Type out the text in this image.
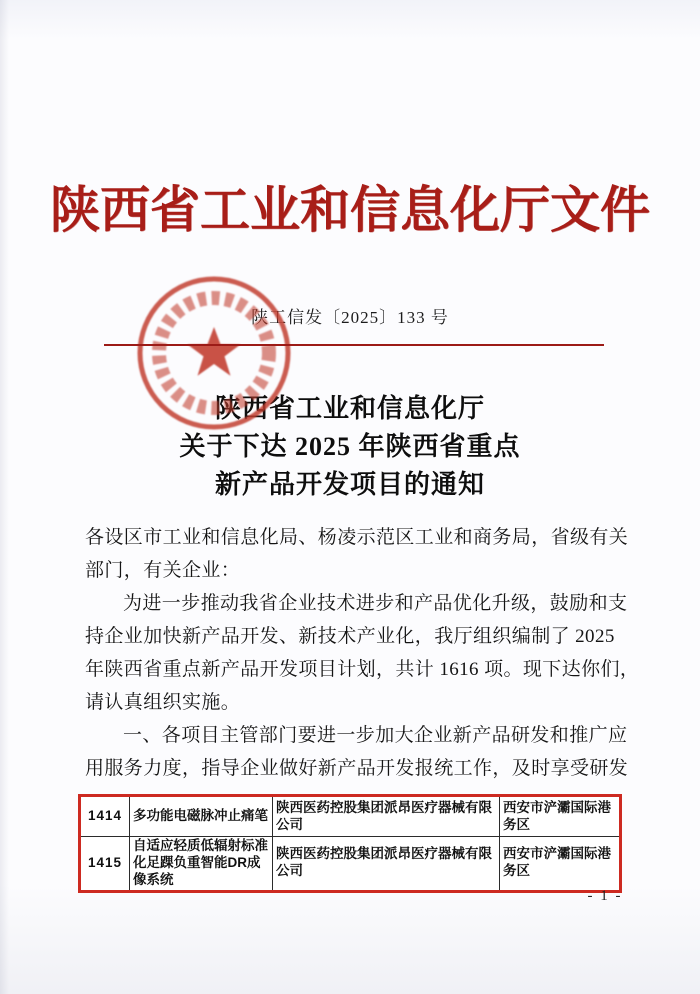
陕西省工业和信息化厅文件
陕工信发〔2025〕133 号
陕西省工业和信息化厅
关于下达 2025 年陕西省重点
新产品开发项目的通知
各设区市工业和信息化局、杨凌示范区工业和商务局，省级有关
部门，有关企业：
为进一步推动我省企业技术进步和产品优化升级，鼓励和支
持企业加快新产品开发、新技术产业化，我厅组织编制了 2025
年陕西省重点新产品开发项目计划，共计 1616 项。现下达你们，
请认真组织实施。
一、各项目主管部门要进一步加大企业新产品研发和推广应
用服务力度，指导企业做好新产品开发报统工作，及时享受研发
1414	多功能电磁脉冲止痛笔	陕西医药控股集团派昂医疗器械有限公司	西安市浐灞国际港务区
1415	自适应轻质低辐射标准化足踝负重智能DR成像系统	陕西医药控股集团派昂医疗器械有限公司	西安市浐灞国际港务区
- 1 -
